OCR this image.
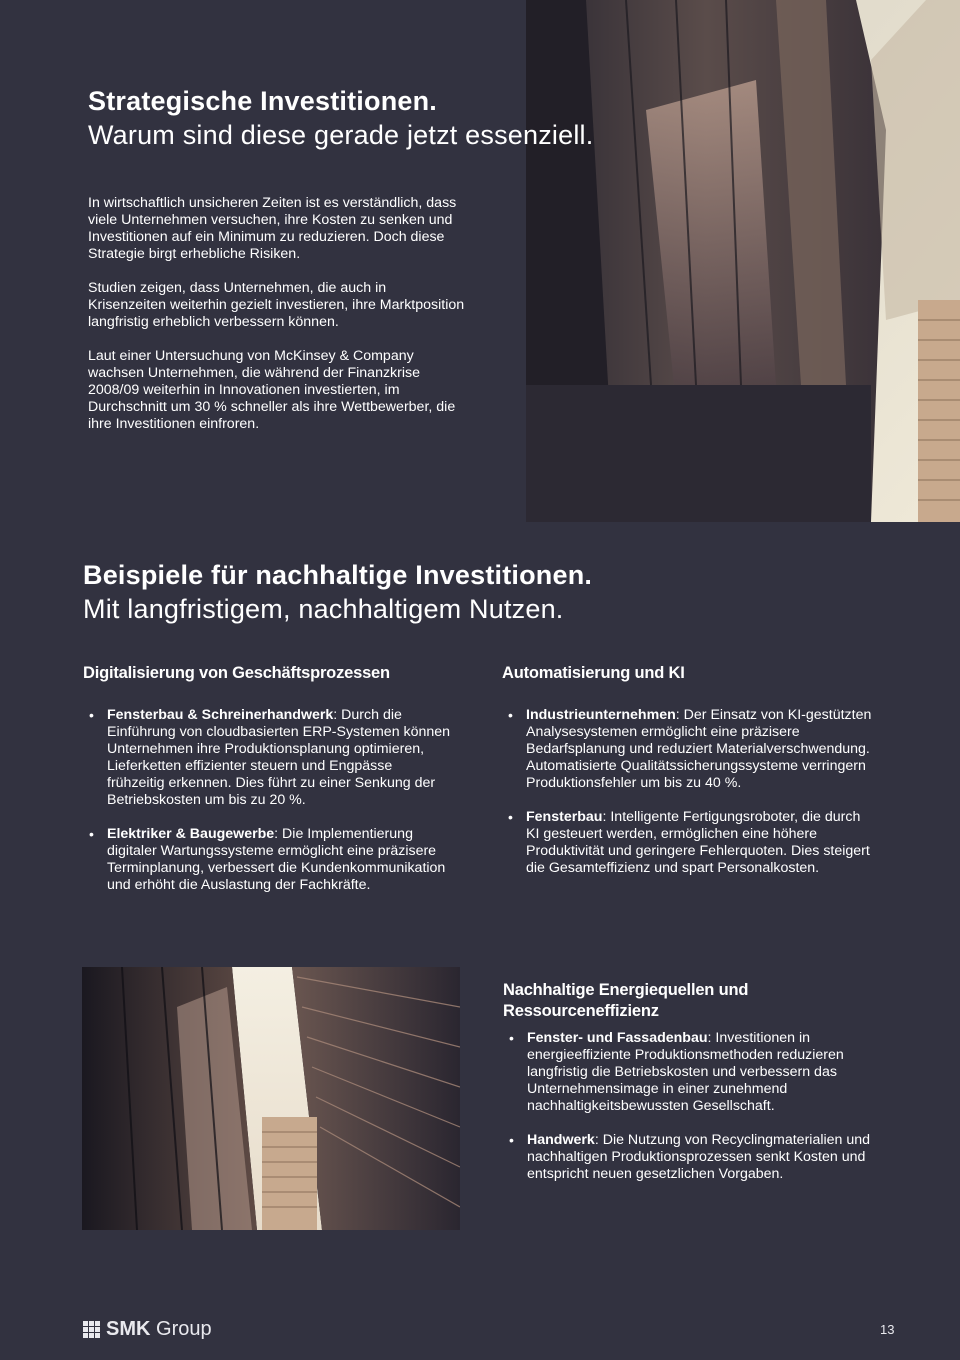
Strategische Investitionen.
Warum sind diese gerade jetzt essenziell.

In wirtschaftlich unsicheren Zeiten ist es verständlich, dass viele Unternehmen versuchen, ihre Kosten zu senken und Investitionen auf ein Minimum zu reduzieren. Doch diese Strategie birgt erhebliche Risiken.

Studien zeigen, dass Unternehmen, die auch in Krisenzeiten weiterhin gezielt investieren, ihre Marktposition langfristig erheblich verbessern können.

Laut einer Untersuchung von McKinsey & Company wachsen Unternehmen, die während der Finanzkrise 2008/09 weiterhin in Innovationen investierten, im Durchschnitt um 30 % schneller als ihre Wettbewerber, die ihre Investitionen einfroren.

Beispiele für nachhaltige Investitionen.
Mit langfristigem, nachhaltigem Nutzen.
Digitalisierung von Geschäftsprozessen
• Fensterbau & Schreinerhandwerk: Durch die Einführung von cloudbasierten ERP-Systemen können Unternehmen ihre Produktionsplanung optimieren, Lieferketten effizienter steuern und Engpässe frühzeitig erkennen. Dies führt zu einer Senkung der Betriebskosten um bis zu 20 %.
• Elektriker & Baugewerbe: Die Implementierung digitaler Wartungssysteme ermöglicht eine präzisere Terminplanung, verbessert die Kundenkommunikation und erhöht die Auslastung der Fachkräfte.
Automatisierung und KI
• Industrieunternehmen: Der Einsatz von KI-gestützten Analysesystemen ermöglicht eine präzisere Bedarfsplanung und reduziert Materialverschwendung. Automatisierte Qualitätssicherungssysteme verringern Produktionsfehler um bis zu 40 %.
• Fensterbau: Intelligente Fertigungsroboter, die durch KI gesteuert werden, ermöglichen eine höhere Produktivität und geringere Fehlerquoten. Dies steigert die Gesamteffizienz und spart Personalkosten.
Nachhaltige Energiequellen und Ressourceneffizienz
• Fenster- und Fassadenbau: Investitionen in energieeffiziente Produktionsmethoden reduzieren langfristig die Betriebskosten und verbessern das Unternehmensimage in einer zunehmend nachhaltigkeitsbewussten Gesellschaft.
• Handwerk: Die Nutzung von Recyclingmaterialien und nachhaltigen Produktionsprozessen senkt Kosten und entspricht neuen gesetzlichen Vorgaben.
SMK Group	13
